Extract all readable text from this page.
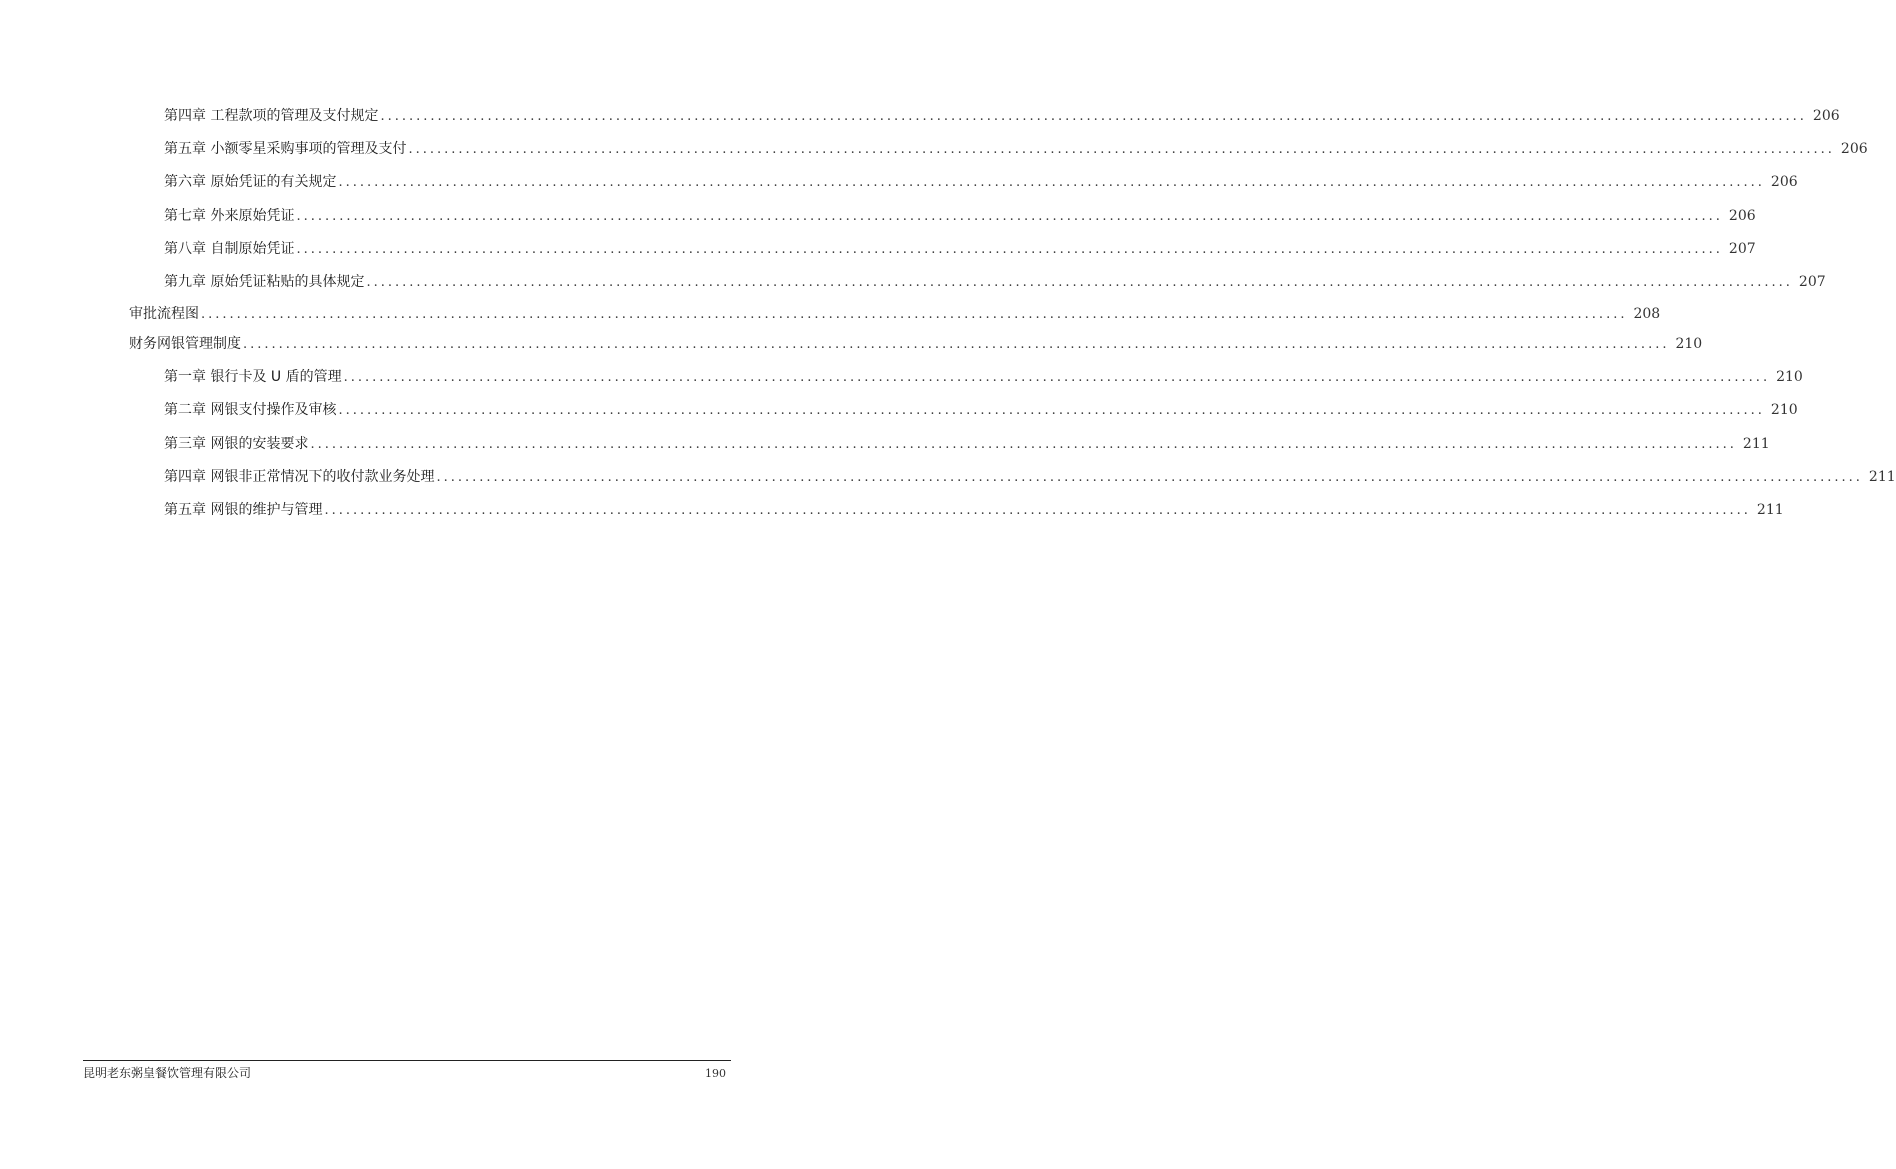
第四章 工程款项的管理及支付规定 ........................................................................................................................................................................................................ 206
第五章 小额零星采购事项的管理及支付 ........................................................................................................................................................................................................ 206
第六章 原始凭证的有关规定 ........................................................................................................................................................................................................ 206
第七章 外来原始凭证 ........................................................................................................................................................................................................ 206
第八章 自制原始凭证 ........................................................................................................................................................................................................ 207
第九章 原始凭证粘贴的具体规定 ........................................................................................................................................................................................................ 207
审批流程图 ........................................................................................................................................................................................................ 208
财务网银管理制度 ........................................................................................................................................................................................................ 210
第一章 银行卡及 U 盾的管理 ........................................................................................................................................................................................................ 210
第二章 网银支付操作及审核 ........................................................................................................................................................................................................ 210
第三章 网银的安装要求 ........................................................................................................................................................................................................ 211
第四章 网银非正常情况下的收付款业务处理 ........................................................................................................................................................................................................ 211
第五章 网银的维护与管理 ........................................................................................................................................................................................................ 211
昆明老东粥皇餐饮管理有限公司	190
